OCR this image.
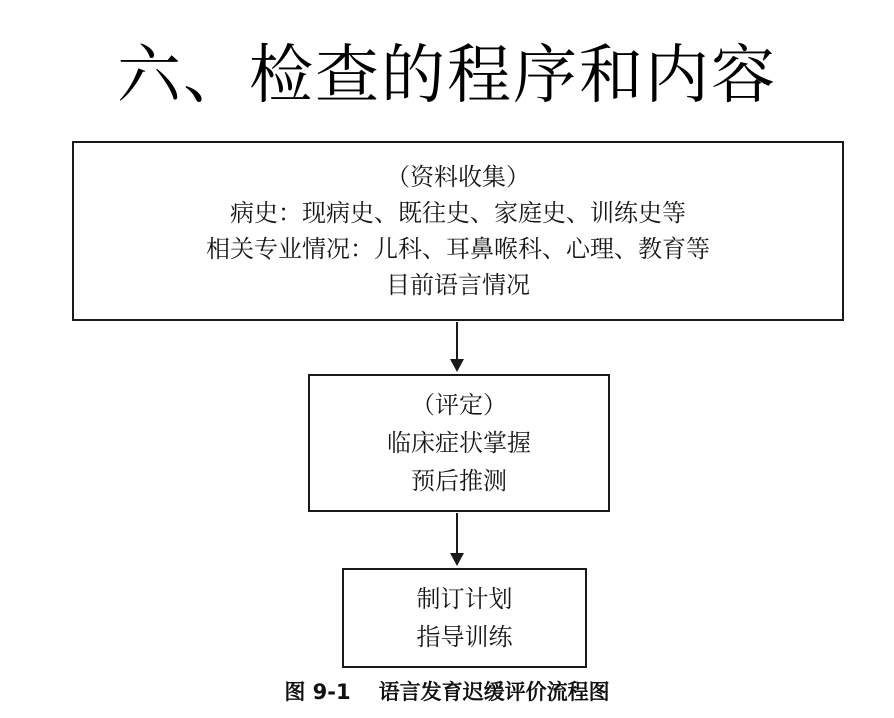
六、检查的程序和内容
（资料收集）
病史：现病史、既往史、家庭史、训练史等
相关专业情况：儿科、耳鼻喉科、心理、教育等
目前语言情况
（评定）
临床症状掌握
预后推测
制订计划
指导训练
图 9-1 语言发育迟缓评价流程图
